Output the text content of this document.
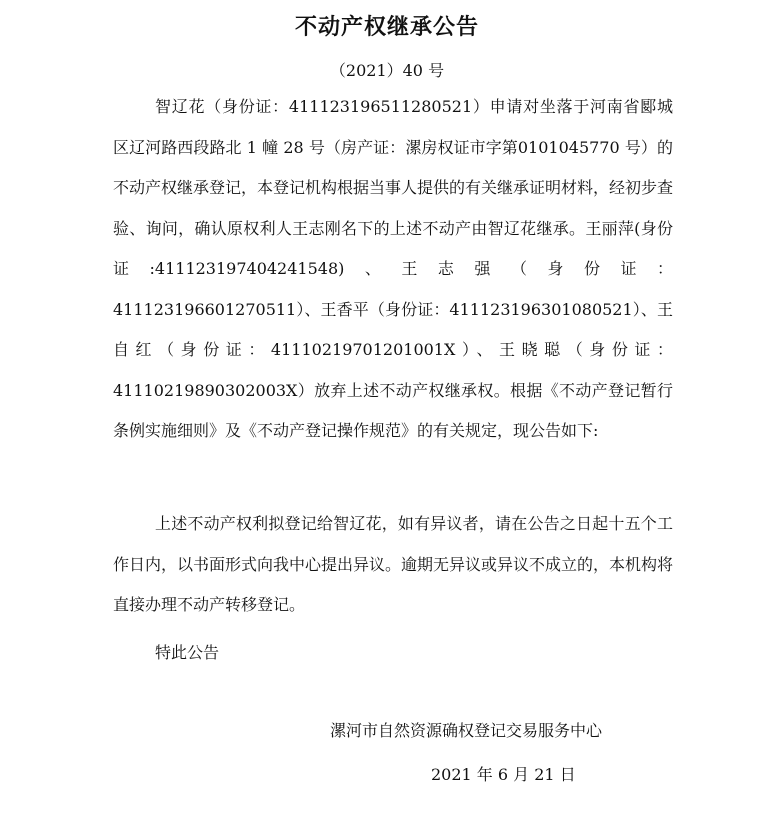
不动产权继承公告
（2021）40 号
智辽花（身份证：411123196511280521）申请对坐落于河南省郾城区辽河路西段路北 1 幢 28 号（房产证：漯房权证市字第0101045770 号）的不动产权继承登记，本登记机构根据当事人提供的有关继承证明材料，经初步查验、询问，确认原权利人王志刚名下的上述不动产由智辽花继承。王丽萍(身份证:411123197404241548)、王志强（身份证：411123196601270511）、王香平（身份证：411123196301080521）、王自红（身份证：41110219701201001X）、王晓聪（身份证：41110219890302003X）放弃上述不动产权继承权。根据《不动产登记暂行条例实施细则》及《不动产登记操作规范》的有关规定，现公告如下:
上述不动产权利拟登记给智辽花，如有异议者，请在公告之日起十五个工作日内，以书面形式向我中心提出异议。逾期无异议或异议不成立的，本机构将直接办理不动产转移登记。
特此公告
漯河市自然资源确权登记交易服务中心
2021 年 6 月 21 日
